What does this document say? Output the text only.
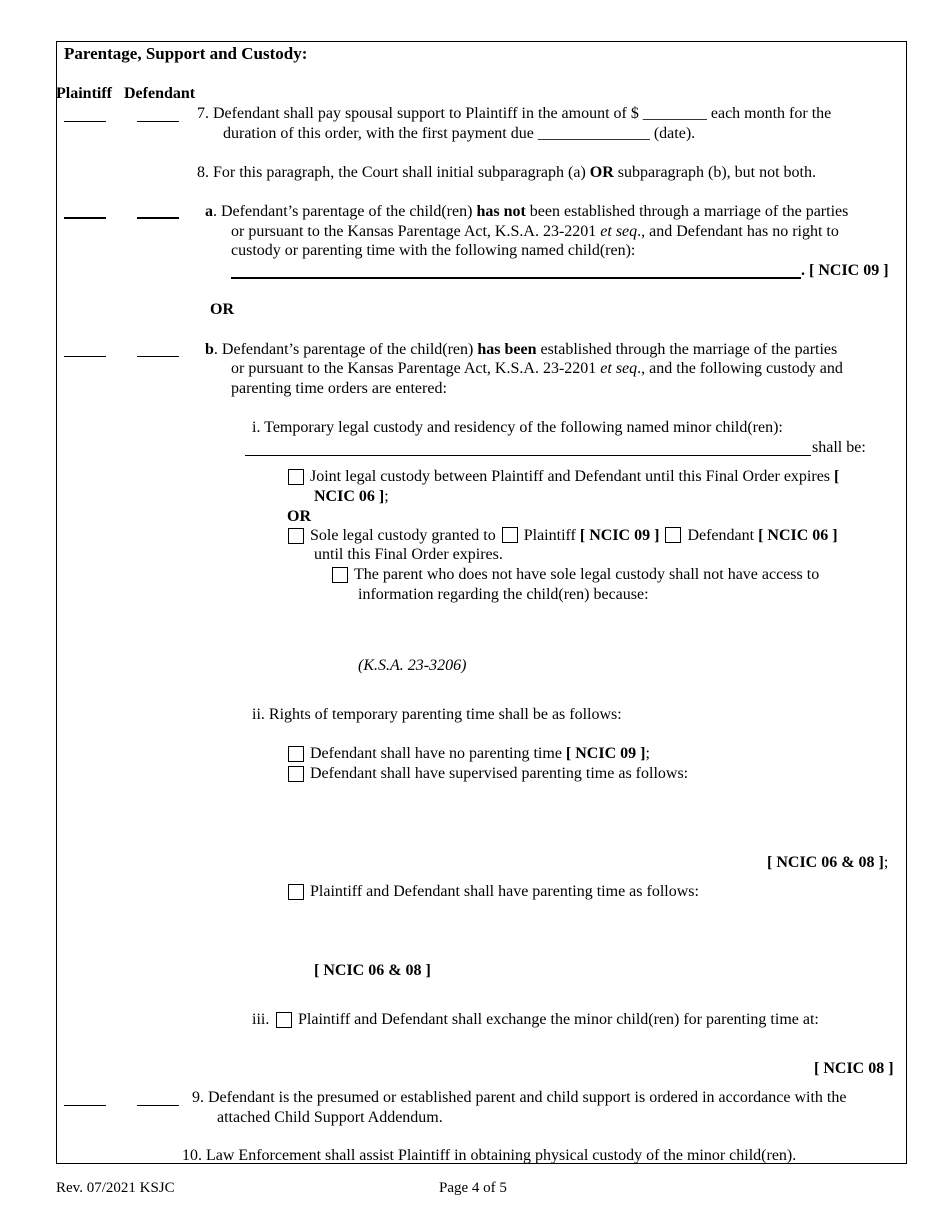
Parentage, Support and Custody:
Plaintiff Defendant
7. Defendant shall pay spousal support to Plaintiff in the amount of $ ________ each month for the
duration of this order, with the first payment due ______________ (date).
8. For this paragraph, the Court shall initial subparagraph (a) OR subparagraph (b), but not both.
a. Defendant’s parentage of the child(ren) has not been established through a marriage of the parties
or pursuant to the Kansas Parentage Act, K.S.A. 23-2201 et seq., and Defendant has no right to
custody or parenting time with the following named child(ren):
. [ NCIC 09 ]
OR
b. Defendant’s parentage of the child(ren) has been established through the marriage of the parties
or pursuant to the Kansas Parentage Act, K.S.A. 23-2201 et seq., and the following custody and
parenting time orders are entered:
i. Temporary legal custody and residency of the following named minor child(ren):
shall be:
Joint legal custody between Plaintiff and Defendant until this Final Order expires [
NCIC 06 ];
OR
Sole legal custody granted to  Plaintiff [ NCIC 09 ] Defendant [ NCIC 06 ]
until this Final Order expires.
The parent who does not have sole legal custody shall not have access to
information regarding the child(ren) because:
(K.S.A. 23-3206)
ii. Rights of temporary parenting time shall be as follows:
Defendant shall have no parenting time [ NCIC 09 ];
Defendant shall have supervised parenting time as follows:
[ NCIC 06 & 08 ];
Plaintiff and Defendant shall have parenting time as follows:
[ NCIC 06 & 08 ]
iii. Plaintiff and Defendant shall exchange the minor child(ren) for parenting time at:
[ NCIC 08 ]
9. Defendant is the presumed or established parent and child support is ordered in accordance with the
attached Child Support Addendum.
10. Law Enforcement shall assist Plaintiff in obtaining physical custody of the minor child(ren).
Rev. 07/2021 KSJC	Page 4 of 5
